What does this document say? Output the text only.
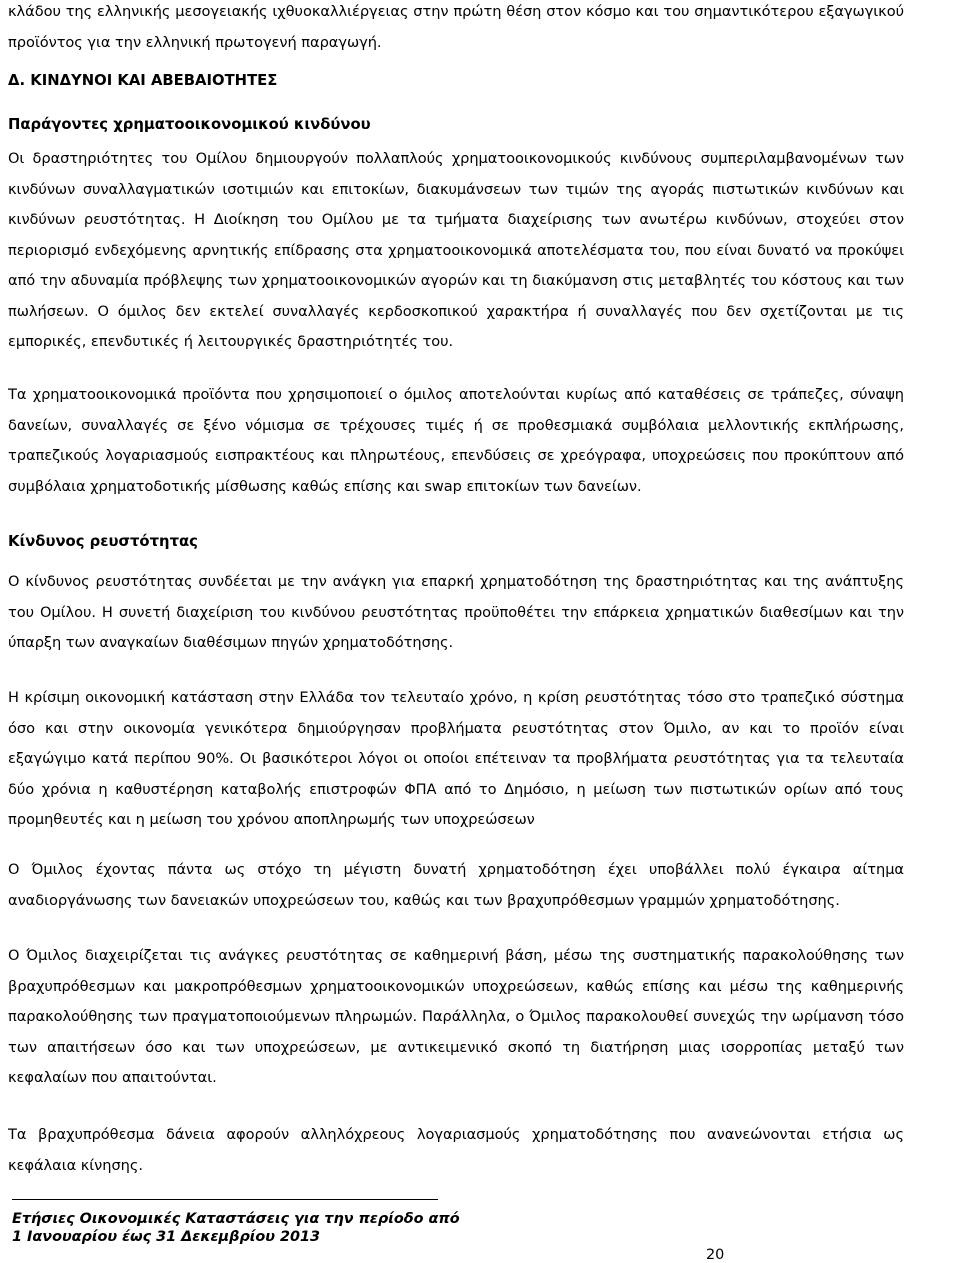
κλάδου της ελληνικής μεσογειακής ιχθυοκαλλιέργειας στην πρώτη θέση στον κόσμο και του σημαντικότερου εξαγωγικού προϊόντος για την ελληνική πρωτογενή παραγωγή.

Δ. ΚΙΝΔΥΝΟΙ ΚΑΙ ΑΒΕΒΑΙΟΤΗΤΕΣ
Παράγοντες χρηματοοικονομικού κινδύνου

Οι δραστηριότητες του Ομίλου δημιουργούν πολλαπλούς χρηματοοικονομικούς κινδύνους συμπεριλαμβανομένων των κινδύνων συναλλαγματικών ισοτιμιών και επιτοκίων, διακυμάνσεων των τιμών της αγοράς πιστωτικών κινδύνων και κινδύνων ρευστότητας. Η Διοίκηση του Ομίλου με τα τμήματα διαχείρισης των ανωτέρω κινδύνων, στοχεύει στον περιορισμό ενδεχόμενης αρνητικής επίδρασης στα χρηματοοικονομικά αποτελέσματα του, που είναι δυνατό να προκύψει από την αδυναμία πρόβλεψης των χρηματοοικονομικών αγορών και τη διακύμανση στις μεταβλητές του κόστους και των πωλήσεων. Ο όμιλος δεν εκτελεί συναλλαγές κερδοσκοπικού χαρακτήρα ή συναλλαγές που δεν σχετίζονται με τις εμπορικές, επενδυτικές ή λειτουργικές δραστηριότητές του.

Τα χρηματοοικονομικά προϊόντα που χρησιμοποιεί ο όμιλος αποτελούνται κυρίως από καταθέσεις σε τράπεζες, σύναψη δανείων, συναλλαγές σε ξένο νόμισμα σε τρέχουσες τιμές ή σε προθεσμιακά συμβόλαια μελλοντικής εκπλήρωσης, τραπεζικούς λογαριασμούς εισπρακτέους και πληρωτέους, επενδύσεις σε χρεόγραφα, υποχρεώσεις που προκύπτουν από συμβόλαια χρηματοδοτικής μίσθωσης καθώς επίσης και swap επιτοκίων των δανείων.

Κίνδυνος ρευστότητας

Ο κίνδυνος ρευστότητας συνδέεται με την ανάγκη για επαρκή χρηματοδότηση της δραστηριότητας και της ανάπτυξης του Ομίλου. Η συνετή διαχείριση του κινδύνου ρευστότητας προϋποθέτει την επάρκεια χρηματικών διαθεσίμων και την ύπαρξη των αναγκαίων διαθέσιμων πηγών χρηματοδότησης.

Η κρίσιμη οικονομική κατάσταση στην Ελλάδα τον τελευταίο χρόνο, η κρίση ρευστότητας τόσο στο τραπεζικό σύστημα όσο και στην οικονομία γενικότερα δημιούργησαν προβλήματα ρευστότητας στον Όμιλο, αν και το προϊόν είναι εξαγώγιμο κατά περίπου 90%. Οι βασικότεροι λόγοι οι οποίοι επέτειναν τα προβλήματα ρευστότητας για τα τελευταία δύο χρόνια η καθυστέρηση καταβολής επιστροφών ΦΠΑ από το Δημόσιο, η μείωση των πιστωτικών ορίων από τους προμηθευτές και η μείωση του χρόνου αποπληρωμής των υποχρεώσεων

Ο Όμιλος έχοντας πάντα ως στόχο τη μέγιστη δυνατή χρηματοδότηση έχει υποβάλλει πολύ έγκαιρα αίτημα αναδιοργάνωσης των δανειακών υποχρεώσεων του, καθώς και των βραχυπρόθεσμων γραμμών χρηματοδότησης.

Ο Όμιλος διαχειρίζεται τις ανάγκες ρευστότητας σε καθημερινή βάση, μέσω της συστηματικής παρακολούθησης των βραχυπρόθεσμων και μακροπρόθεσμων χρηματοοικονομικών υποχρεώσεων, καθώς επίσης και μέσω της καθημερινής παρακολούθησης των πραγματοποιούμενων πληρωμών. Παράλληλα, ο Όμιλος παρακολουθεί συνεχώς την ωρίμανση τόσο των απαιτήσεων όσο και των υποχρεώσεων, με αντικειμενικό σκοπό τη διατήρηση μιας ισορροπίας μεταξύ των κεφαλαίων που απαιτούνται.

Τα βραχυπρόθεσμα δάνεια αφορούν αλληλόχρεους λογαριασμούς χρηματοδότησης που ανανεώνονται ετήσια ως κεφάλαια κίνησης.

Ετήσιες Οικονομικές Καταστάσεις για την περίοδο από

1 Ιανουαρίου έως 31 Δεκεμβρίου 2013

20
